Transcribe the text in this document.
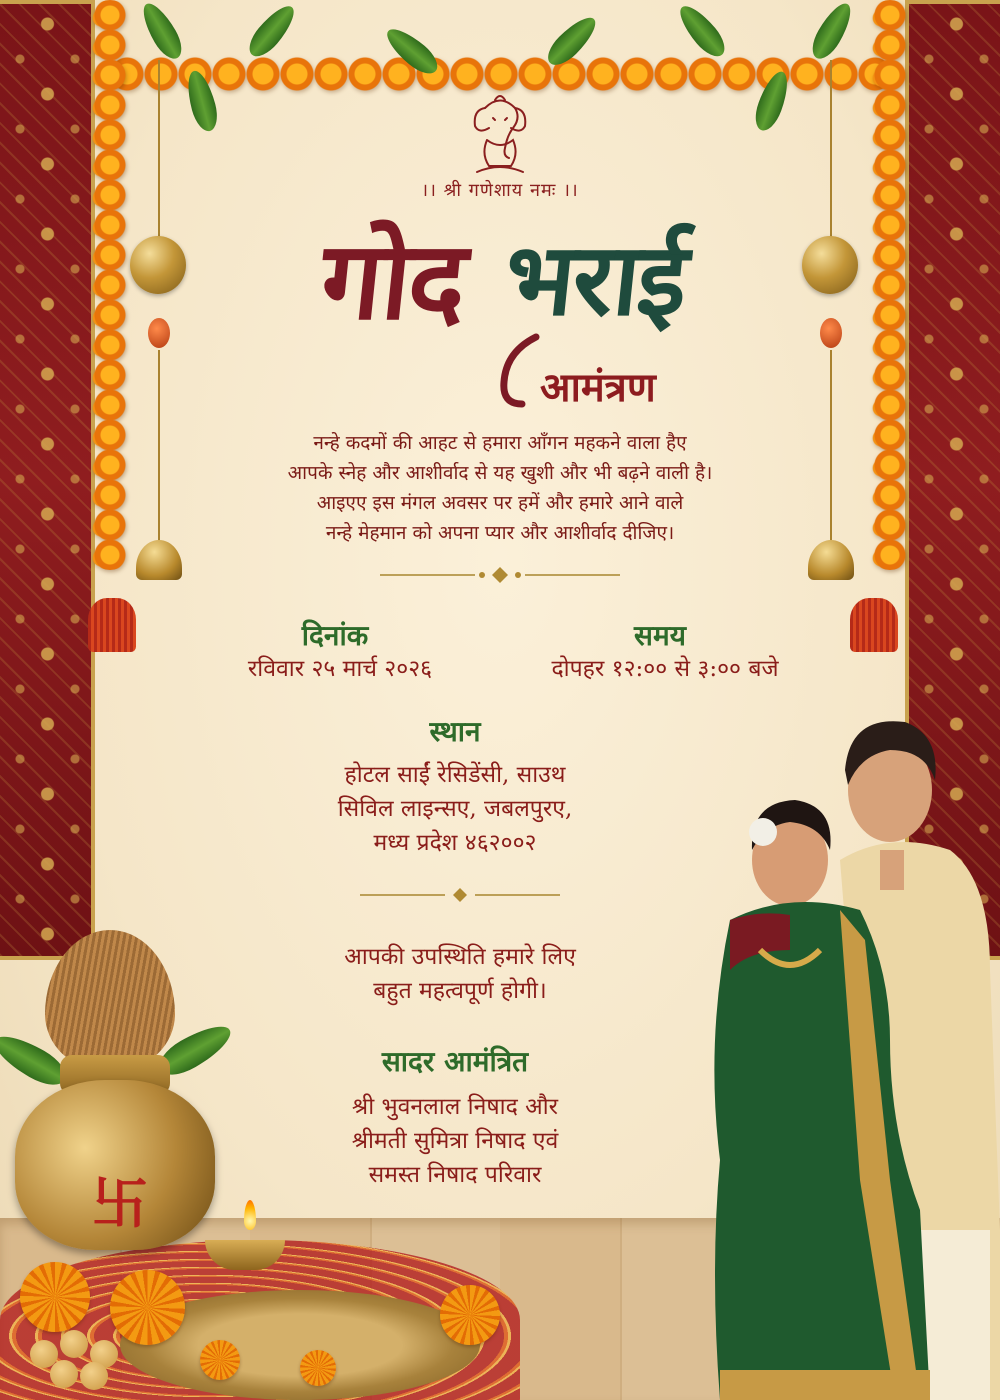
।। श्री गणेशाय नमः ।।
गोद भराई
आमंत्रण

नन्हे कदमों की आहट से हमारा आँगन महकने वाला हैए

आपके स्नेह और आशीर्वाद से यह खुशी और भी बढ़ने वाली है।

आइएए इस मंगल अवसर पर हमें और हमारे आने वाले

नन्हे मेहमान को अपना प्यार और आशीर्वाद दीजिए।

दिनांक
रविवार २५ मार्च २०२६
समय
दोपहर १२:०० से ३:०० बजे
स्थान
होटल साईं रेसिडेंसी, साउथ
सिविल लाइन्सए, जबलपुरए,
मध्य प्रदेश ४६२००२
आपकी उपस्थिति हमारे लिए
बहुत महत्वपूर्ण होगी।
सादर आमंत्रित
श्री भुवनलाल निषाद और
श्रीमती सुमित्रा निषाद एवं
समस्त निषाद परिवार
卐
